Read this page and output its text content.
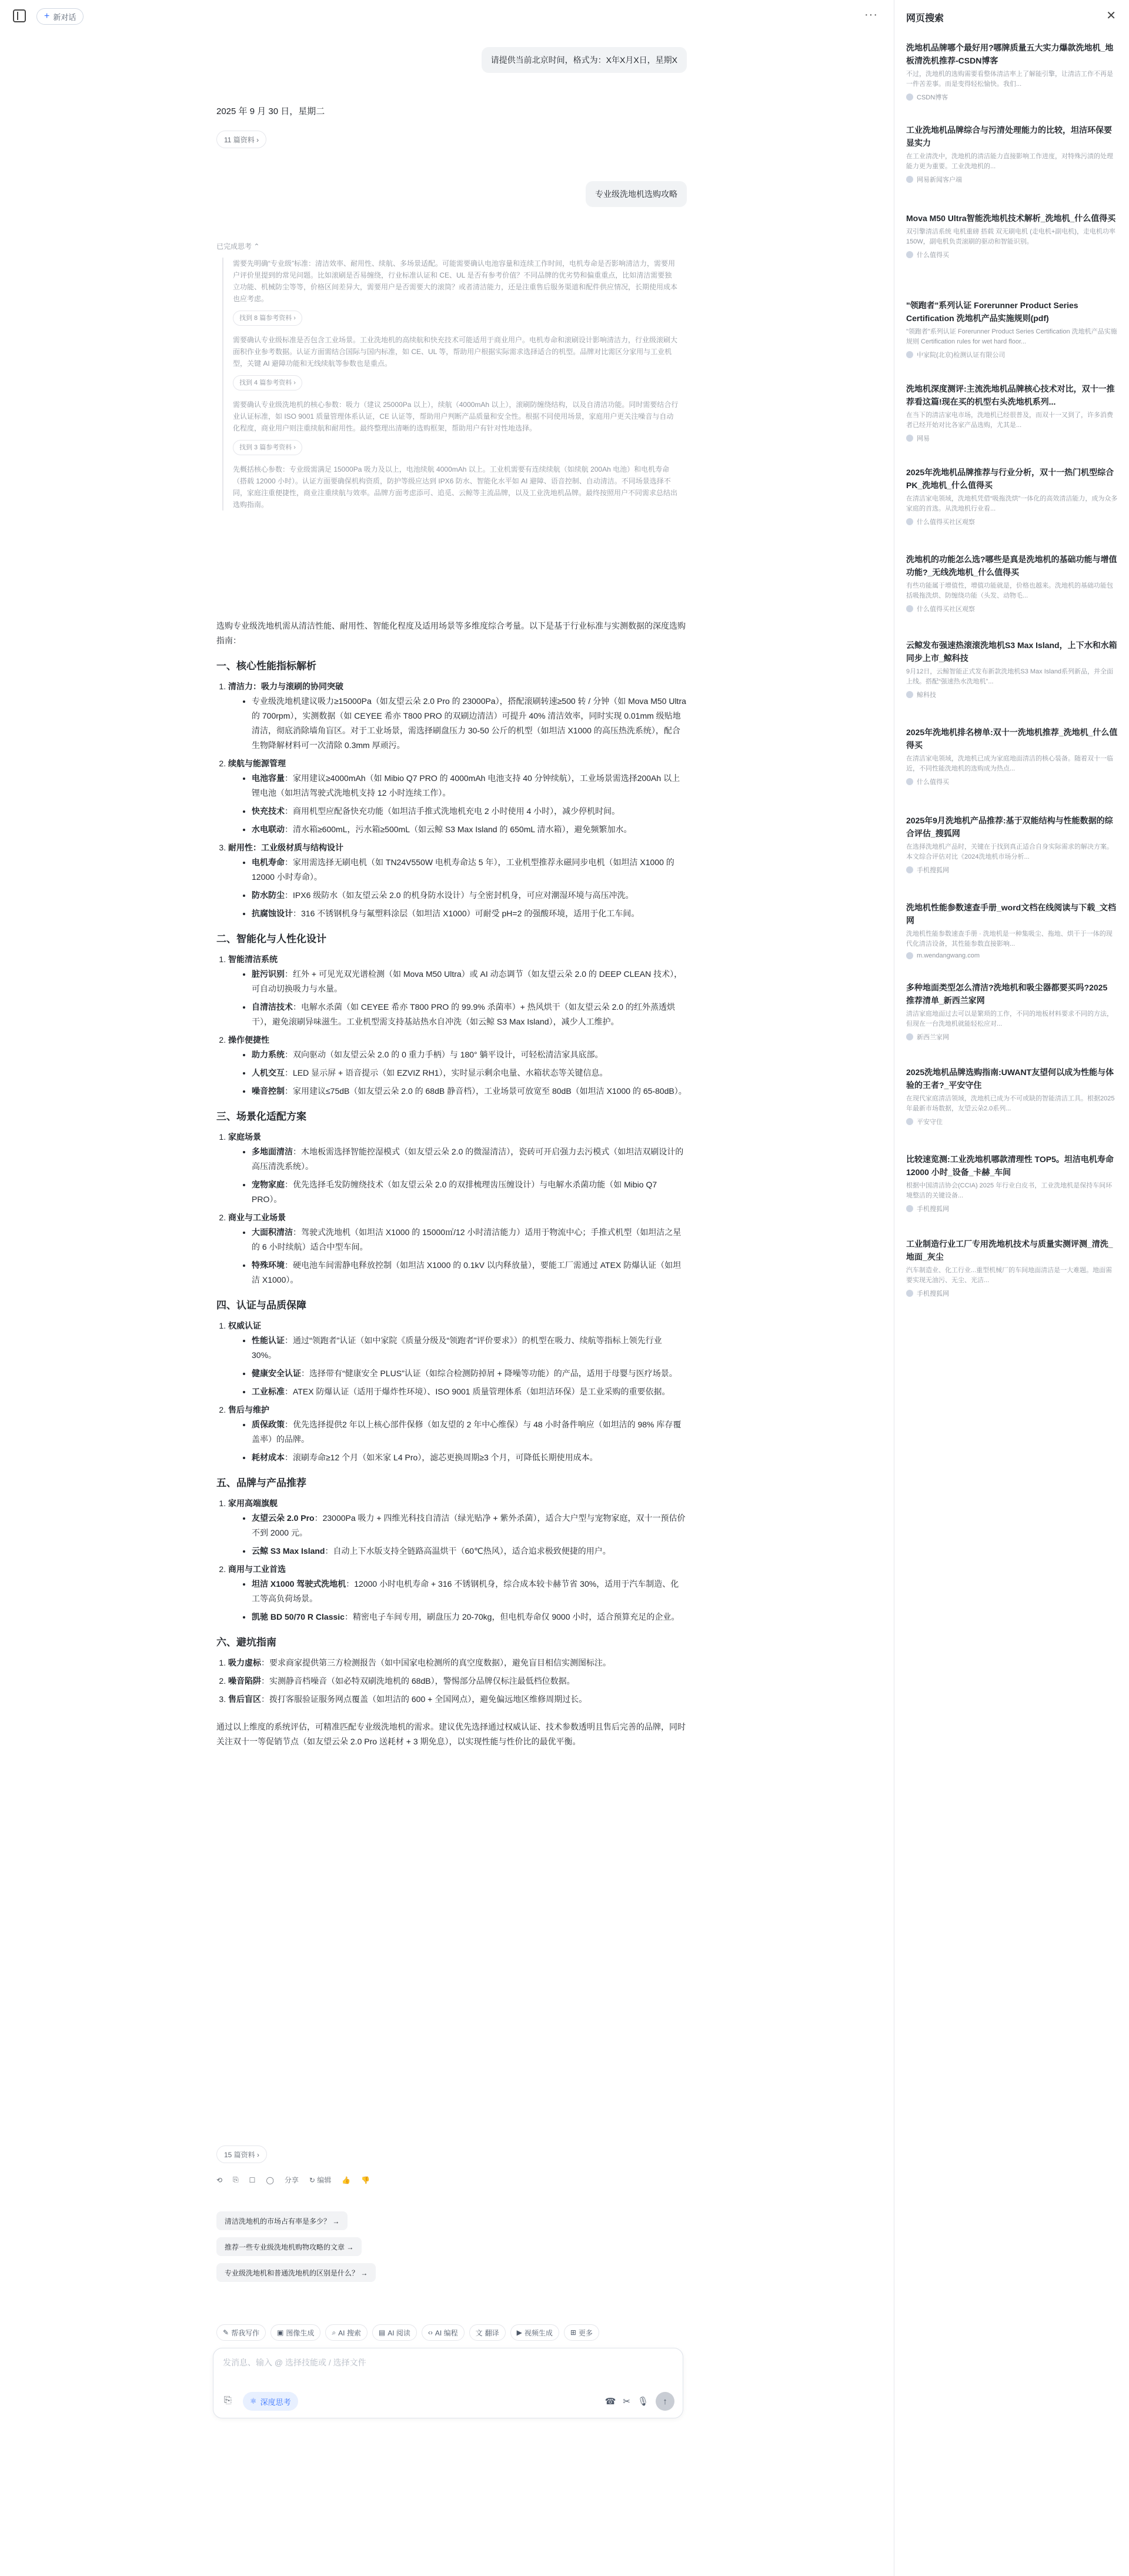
+ 新对话	···
请提供当前北京时间，格式为：X年X月X日，星期X
2025 年 9 月 30 日，星期二
11 篇资料 ›
专业级洗地机选购攻略
已完成思考 ⌃

需要先明确“专业级”标准：清洁效率、耐用性、续航、多场景适配。可能需要确认电池容量和连续工作时间，电机寿命是否影响清洁力，需要用户评价里提到的常见问题。比如滚刷是否易缠绕，行业标准认证和 CE、UL 是否有参考价值？不同品牌的优劣势和偏重重点，比如清洁需要独立功能、机械防尘等等，价格区间差异大，需要用户是否需要大的滚筒？或者清洁能力，还是注重售后服务渠道和配件供应情况，长期使用成本也应考虑。

找到 8 篇参考资料 ›

需要确认专业级标准是否包含工业场景。工业洗地机的高续航和快充技术可能适用于商业用户。电机寿命和滚刷设计影响清洁力，行业级滚刷大面积作业参考数据。认证方面需结合国际与国内标准，如 CE、UL 等，帮助用户根据实际需求选择适合的机型。品牌对比需区分家用与工业机型，关键 AI 避障功能和无线续航等参数也是重点。

找到 4 篇参考资料 ›

需要确认专业级洗地机的核心参数：吸力（建议 25000Pa 以上），续航（4000mAh 以上），滚刷防缠绕结构，以及自清洁功能。同时需要结合行业认证标准，如 ISO 9001 质量管理体系认证，CE 认证等，帮助用户判断产品质量和安全性。根据不同使用场景，家庭用户更关注噪音与自动化程度，商业用户则注重续航和耐用性。最终整理出清晰的选购框架，帮助用户有针对性地选择。

找到 3 篇参考资料 ›

先概括核心参数：专业级需满足 15000Pa 吸力及以上，电池续航 4000mAh 以上。工业机需要有连续续航（如续航 200Ah 电池）和电机寿命（搭载 12000 小时）。认证方面要确保机构资质，防护等级应达到 IPX6 防水、智能化水平如 AI 避障、语音控制、自动清洁。不同场景选择不同，家庭注重便捷性，商业注重续航与效率。品牌方面考虑添可、追觅、云鲸等主流品牌，以及工业洗地机品牌。最终按照用户不同需求总结出选购指南。

选购专业级洗地机需从清洁性能、耐用性、智能化程度及适用场景等多维度综合考量。以下是基于行业标准与实测数据的深度选购指南：

一、核心性能指标解析
1. 清洁力：吸力与滚刷的协同突破
• 专业级洗地机建议吸力≥15000Pa（如友望云朵 2.0 Pro 的 23000Pa），搭配滚刷转速≥500 转 / 分钟（如 Mova M50 Ultra 的 700rpm），实测数据（如 CEYEE 希亦 T800 PRO 的双刷边清洁）可提升 40% 清洁效率，同时实现 0.01mm 级贴地清洁，彻底消除墙角盲区。对于工业场景，需选择刷盘压力 30-50 公斤的机型（如坦洁 X1000 的高压热洗系统），配合生物降解材料可一次清除 0.3mm 厚顽污。
2. 续航与能源管理
• 电池容量：家用建议≥4000mAh（如 Mibio Q7 PRO 的 4000mAh 电池支持 40 分钟续航），工业场景需选择200Ah 以上锂电池（如坦洁驾驶式洗地机支持 12 小时连续工作）。
• 快充技术：商用机型应配备快充功能（如坦洁手推式洗地机充电 2 小时使用 4 小时），减少停机时间。
• 水电联动：清水箱≥600mL，污水箱≥500mL（如云鲸 S3 Max Island 的 650mL 清水箱），避免频繁加水。
3. 耐用性：工业级材质与结构设计
• 电机寿命：家用需选择无刷电机（如 TN24V550W 电机寿命达 5 年），工业机型推荐永磁同步电机（如坦洁 X1000 的 12000 小时寿命）。
• 防水防尘：IPX6 级防水（如友望云朵 2.0 的机身防水设计）与全密封机身，可应对潮湿环境与高压冲洗。
• 抗腐蚀设计：316 不锈钢机身与氟塑料涂层（如坦洁 X1000）可耐受 pH=2 的强酸环境，适用于化工车间。
二、智能化与人性化设计
1. 智能清洁系统
• 脏污识别：红外 + 可见光双光谱检测（如 Mova M50 Ultra）或 AI 动态调节（如友望云朵 2.0 的 DEEP CLEAN 技术），可自动切换吸力与水量。
• 自清洁技术：电解水杀菌（如 CEYEE 希亦 T800 PRO 的 99.9% 杀菌率）+ 热风烘干（如友望云朵 2.0 的红外蒸透烘干），避免滚刷异味滋生。工业机型需支持基站热水自冲洗（如云鲸 S3 Max Island），减少人工维护。
2. 操作便捷性
• 助力系统：双向驱动（如友望云朵 2.0 的 0 重力手柄）与 180° 躺平设计，可轻松清洁家具底部。
• 人机交互：LED 显示屏 + 语音提示（如 EZVIZ RH1），实时显示剩余电量、水箱状态等关键信息。
• 噪音控制：家用建议≤75dB（如友望云朵 2.0 的 68dB 静音档），工业场景可放宽至 80dB（如坦洁 X1000 的 65-80dB）。
三、场景化适配方案
1. 家庭场景
• 多地面清洁：木地板需选择智能控湿模式（如友望云朵 2.0 的微湿清洁），瓷砖可开启强力去污模式（如坦洁双刷设计的高压清洗系统）。
• 宠物家庭：优先选择毛发防缠绕技术（如友望云朵 2.0 的双排梳理齿压缠设计）与电解水杀菌功能（如 Mibio Q7 PRO）。
2. 商业与工业场景
• 大面积清洁：驾驶式洗地机（如坦洁 X1000 的 15000㎡/12 小时清洁能力）适用于物流中心；手推式机型（如坦洁之星的 6 小时续航）适合中型车间。
• 特殊环境：硬电池车间需静电释放控制（如坦洁 X1000 的 0.1kV 以内释放量），要能工厂需通过 ATEX 防爆认证（如坦洁 X1000）。
四、认证与品质保障
1. 权威认证
• 性能认证：通过“领跑者”认证（如中家院《质量分级及“领跑者”评价要求》）的机型在吸力、续航等指标上领先行业 30%。
• 健康安全认证：选择带有“健康安全 PLUS”认证（如综合检测防掉屑 + 降噪等功能）的产品，适用于母婴与医疗场景。
• 工业标准：ATEX 防爆认证（适用于爆炸性环境）、ISO 9001 质量管理体系（如坦洁环保）是工业采购的重要依据。
2. 售后与维护
• 质保政策：优先选择提供2 年以上核心部件保修（如友望的 2 年中心维保）与 48 小时备件响应（如坦洁的 98% 库存覆盖率）的品牌。
• 耗材成本：滚刷寿命≥12 个月（如米家 L4 Pro），滤芯更换周期≥3 个月，可降低长期使用成本。
五、品牌与产品推荐
1. 家用高端旗舰
• 友望云朵 2.0 Pro：23000Pa 吸力 + 四维光科技自清洁（绿光贴净 + 紫外杀菌），适合大户型与宠物家庭，双十一预估价不到 2000 元。
• 云鲸 S3 Max Island：自动上下水版支持全链路高温烘干（60℃热风），适合追求极致便捷的用户。
2. 商用与工业首选
• 坦洁 X1000 驾驶式洗地机：12000 小时电机寿命 + 316 不锈钢机身，综合成本较卡赫节省 30%，适用于汽车制造、化工等高负荷场景。
• 凯驰 BD 50/70 R Classic：精密电子车间专用，刷盘压力 20-70kg，但电机寿命仅 9000 小时，适合预算充足的企业。
六、避坑指南
1. 吸力虚标：要求商家提供第三方检测报告（如中国家电检测所的真空度数据），避免盲目相信实测图标注。
2. 噪音陷阱：实测静音档噪音（如必特双刷洗地机的 68dB），警惕部分品牌仅标注最低档位数据。
3. 售后盲区：拨打客服验证服务网点覆盖（如坦洁的 600 + 全国网点），避免偏远地区维修周期过长。

通过以上维度的系统评估，可精准匹配专业级洗地机的需求。建议优先选择通过权威认证、技术参数透明且售后完善的品牌，同时关注双十一等促销节点（如友望云朵 2.0 Pro 送耗材 + 3 期免息），以实现性能与性价比的最优平衡。

15 篇资料 ›
⟲ ⎘ ☐ ◯ 分享 ↻ 编辑 👍 👎
清洁洗地机的市场占有率是多少？ →
推荐一些专业级洗地机购物攻略的文章 →
专业级洗地机和普通洗地机的区别是什么？ →
✎ 帮我写作	▣ 图像生成	⌕ AI 搜索	▤ AI 阅读	‹› AI 编程	文 翻译	▶ 视频生成	⊞ 更多
发消息、输入 @ 选择技能或 / 选择文件
⎘ ⚛ 深度思考	☎ ✂ 🎙 ↑
网页搜索	✕
洗地机品牌哪个最好用?哪牌质量五大实力爆款洗地机_地板清洗机推荐-CSDN博客
不过，洗地机的选购需要看整体清洁率上了解能引擎，让清洁工作不再是一件苦差事。而是变得轻松愉快。我们...
CSDN博客
工业洗地机品牌综合与污清处理能力的比较，坦洁环保要显实力
在工业清洗中，洗地机的清洁能力直接影响工作进度，对特殊污渍的处理能力更为重要。工业洗地机的...
网易新闻客户端
Mova M50 Ultra智能洗地机技术解析_洗地机_什么值得买
双引擎清洁系统 电机重磅 搭载 双无刷电机 (走电机+副电机)，走电机功率150W，副电机负责滚刷的驱动和智能识别。
什么值得买
"领跑者"系列认证 Forerunner Product Series Certification 洗地机产品实施规则(pdf)
"领跑者"系列认证 Forerunner Product Series Certification 洗地机产品实施规则 Certification rules for wet hard floor...
中家院(北京)检测认证有限公司
洗地机深度测评:主流洗地机品牌核心技术对比，双十一推荐看这篇!现在买的机型右头洗地机系列...
在当下的清洁家电市场，洗地机已经很普及，而双十一又到了，许多消费者已经开始对比各家产品选购，尤其是...
网易
2025年洗地机品牌推荐与行业分析，双十一热门机型综合PK_洗地机_什么值得买
在清洁家电领域，洗地机凭借“吸拖洗烘”一体化的高效清洁能力，成为众多家庭的首选。从洗地机行业看...
什么值得买社区观察
洗地机的功能怎么选?哪些是真是洗地机的基础功能与增值功能?_无线洗地机_什么值得买
有些功能属于增值性，增值功能就是，价格也越来。洗地机的基础功能包括吸拖洗烘、防缠绕功能（头发、动物毛...
什么值得买社区观察
云鲸发布强速热滚滚洗地机S3 Max Island，上下水和水箱同步上市_鲸科技
9月12日，云鲸智能正式发布新款洗地机S3 Max Island系列新品，并全面上线。搭配“强速热水洗地机”...
鲸科技
2025年洗地机排名榜单:双十一洗地机推荐_洗地机_什么值得买
在清洁家电领域，洗地机已成为家庭地面清洁的核心装备。随着双十一临近，不同性能洗地机的选购成为热点...
什么值得买
2025年9月洗地机产品推荐:基于双能结构与性能数据的综合评估_搜狐网
在选择洗地机产品时，关键在于找到真正适合自身实际需求的解决方案。本文综合评估对比《2024洗地机市场分析...
手机搜狐网
洗地机性能参数速查手册_word文档在线阅读与下载_文档网
洗地机性能参数速查手册 · 洗地机是一种集吸尘、拖地、烘干于一体的现代化清洁设备，其性能参数直接影响...
m.wendangwang.com
多种地面类型怎么清洁?洗地机和吸尘器都要买吗?2025 推荐清单_新西兰家网
清洁家庭地面过去可以是繁琐的工作，不同的地板材料要求不同的方法，但现在一台洗地机就能轻松应对...
新西兰家网
2025洗地机品牌选购指南:UWANT友望何以成为性能与体验的王者?_平安守住
在现代家庭清洁领域，洗地机已成为不可或缺的智能清洁工具。根据2025年最新市场数据，友望云朵2.0系列...
平安守住
比较速览测:工业洗地机哪款清理性 TOP5。坦洁电机寿命 12000 小时_设备_卡赫_车间
根据中国清洁协会(CCIA) 2025 年行业白皮书，工业洗地机是保持车间环境整洁的关键设备...
手机搜狐网
工业制造行业工厂专用洗地机技术与质量实测评测_清洗_地面_灰尘
汽车制造业、化工行业...重型机械厂的车间地面清洁是一大难题。地面需要实现无油污、无尘、光洁...
手机搜狐网
